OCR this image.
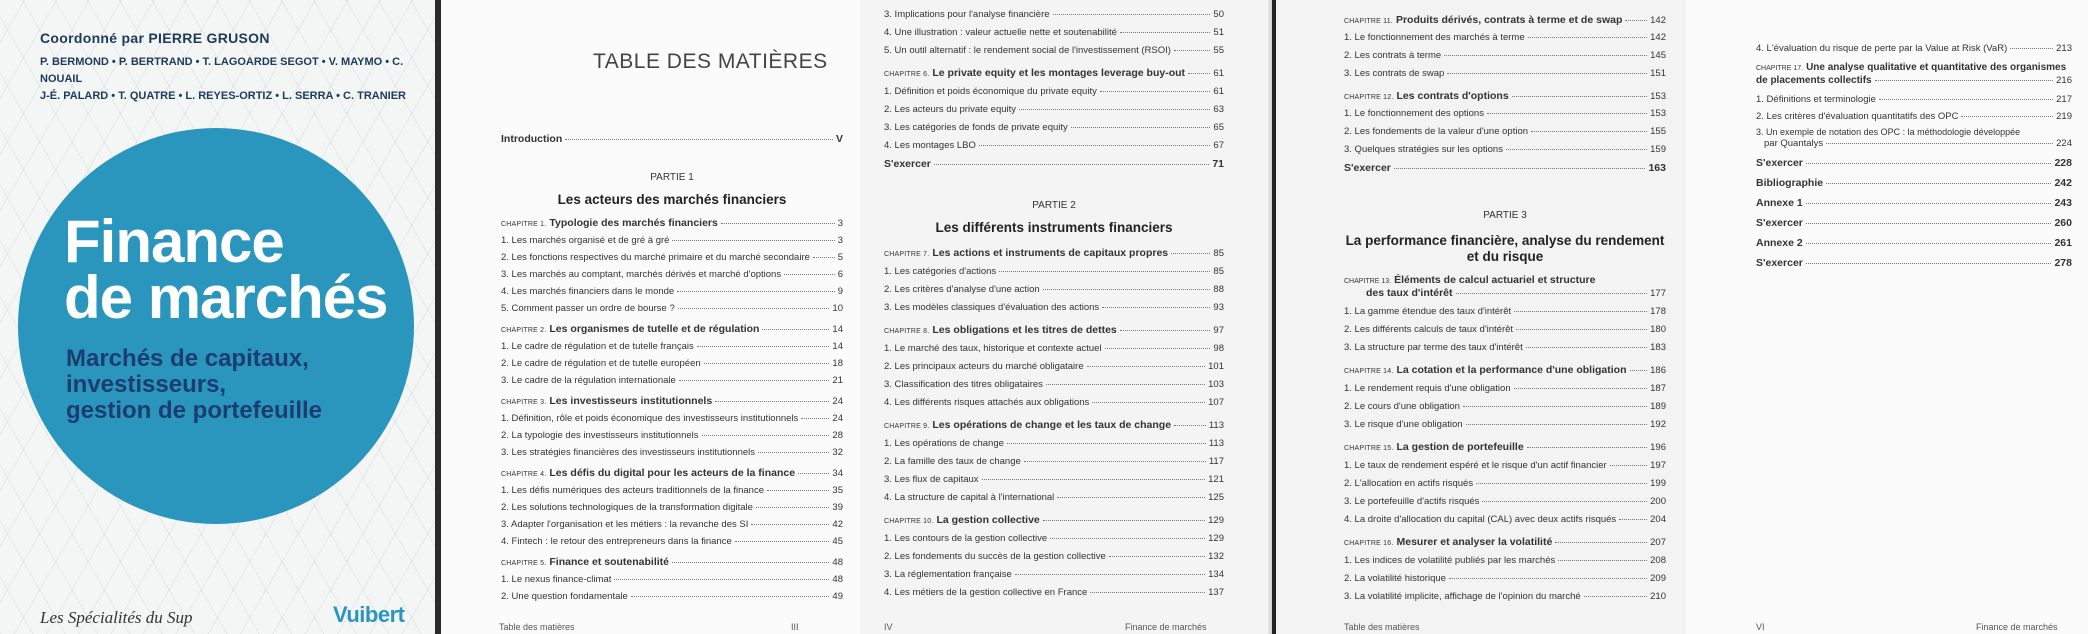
Coordonné par PIERRE GRUSON
P. BERMOND • P. BERTRAND • T. LAGOARDE SEGOT • V. MAYMO • C. NOUAIL
J-É. PALARD • T. QUATRE • L. REYES-ORTIZ • L. SERRA • C. TRANIER
Finance
de marchés
Marchés de capitaux,
investisseurs,
gestion de portefeuille
Les Spécialités du Sup	Vuibert
TABLE DES MATIÈRES
Introduction	V
PARTIE 1
Les acteurs des marchés financiers
CHAPITRE 1. Typologie des marchés financiers	3
1. Les marchés organisé et de gré à gré	3
2. Les fonctions respectives du marché primaire et du marché secondaire	5
3. Les marchés au comptant, marchés dérivés et marché d'options	6
4. Les marchés financiers dans le monde	9
5. Comment passer un ordre de bourse ?	10
CHAPITRE 2. Les organismes de tutelle et de régulation	14
1. Le cadre de régulation et de tutelle français	14
2. Le cadre de régulation et de tutelle européen	18
3. Le cadre de la régulation internationale	21
CHAPITRE 3. Les investisseurs institutionnels	24
1. Définition, rôle et poids économique des investisseurs institutionnels	24
2. La typologie des investisseurs institutionnels	28
3. Les stratégies financières des investisseurs institutionnels	32
CHAPITRE 4. Les défis du digital pour les acteurs de la finance	34
1. Les défis numériques des acteurs traditionnels de la finance	35
2. Les solutions technologiques de la transformation digitale	39
3. Adapter l'organisation et les métiers : la revanche des SI	42
4. Fintech : le retour des entrepreneurs dans la finance	45
CHAPITRE 5. Finance et soutenabilité	48
1. Le nexus finance-climat	48
2. Une question fondamentale	49
Table des matières	III
3. Implications pour l'analyse financière	50
4. Une illustration : valeur actuelle nette et soutenabilité	51
5. Un outil alternatif : le rendement social de l'investissement (RSOI)	55
CHAPITRE 6. Le private equity et les montages leverage buy-out	61
1. Définition et poids économique du private equity	61
2. Les acteurs du private equity	63
3. Les catégories de fonds de private equity	65
4. Les montages LBO	67
S'exercer	71
PARTIE 2
Les différents instruments financiers
CHAPITRE 7. Les actions et instruments de capitaux propres	85
1. Les catégories d'actions	85
2. Les critères d'analyse d'une action	88
3. Les modèles classiques d'évaluation des actions	93
CHAPITRE 8. Les obligations et les titres de dettes	97
1. Le marché des taux, historique et contexte actuel	98
2. Les principaux acteurs du marché obligataire	101
3. Classification des titres obligataires	103
4. Les différents risques attachés aux obligations	107
CHAPITRE 9. Les opérations de change et les taux de change	113
1. Les opérations de change	113
2. La famille des taux de change	117
3. Les flux de capitaux	121
4. La structure de capital à l'international	125
CHAPITRE 10. La gestion collective	129
1. Les contours de la gestion collective	129
2. Les fondements du succès de la gestion collective	132
3. La réglementation française	134
4. Les métiers de la gestion collective en France	137
IV	Finance de marchés
CHAPITRE 11. Produits dérivés, contrats à terme et de swap	142
1. Le fonctionnement des marchés à terme	142
2. Les contrats à terme	145
3. Les contrats de swap	151
CHAPITRE 12. Les contrats d'options	153
1. Le fonctionnement des options	153
2. Les fondements de la valeur d'une option	155
3. Quelques stratégies sur les options	159
S'exercer	163
PARTIE 3
La performance financière, analyse du rendement
et du risque
CHAPITRE 13. Éléments de calcul actuariel et structure
des taux d'intérêt	177
1. La gamme étendue des taux d'intérêt	178
2. Les différents calculs de taux d'intérêt	180
3. La structure par terme des taux d'intérêt	183
CHAPITRE 14. La cotation et la performance d'une obligation 186
1. Le rendement requis d'une obligation	187
2. Le cours d'une obligation	189
3. Le risque d'une obligation	192
CHAPITRE 15. La gestion de portefeuille	196
1. Le taux de rendement espéré et le risque d'un actif financier	197
2. L'allocation en actifs risqués	199
3. Le portefeuille d'actifs risqués	200
4. La droite d'allocation du capital (CAL) avec deux actifs risqués	204
CHAPITRE 16. Mesurer et analyser la volatilité	207
1. Les indices de volatilité publiés par les marchés	208
2. La volatilité historique	209
3. La volatilité implicite, affichage de l'opinion du marché	210
Table des matières
4. L'évaluation du risque de perte par la Value at Risk (VaR)	213
CHAPITRE 17. Une analyse qualitative et quantitative des organismes
de placements collectifs	216
1. Définitions et terminologie	217
2. Les critères d'évaluation quantitatifs des OPC	219
3. Un exemple de notation des OPC : la méthodologie développée
par Quantalys	224
S'exercer	228
Bibliographie	242
Annexe 1	243
S'exercer	260
Annexe 2	261
S'exercer	278
VI	Finance de marchés
